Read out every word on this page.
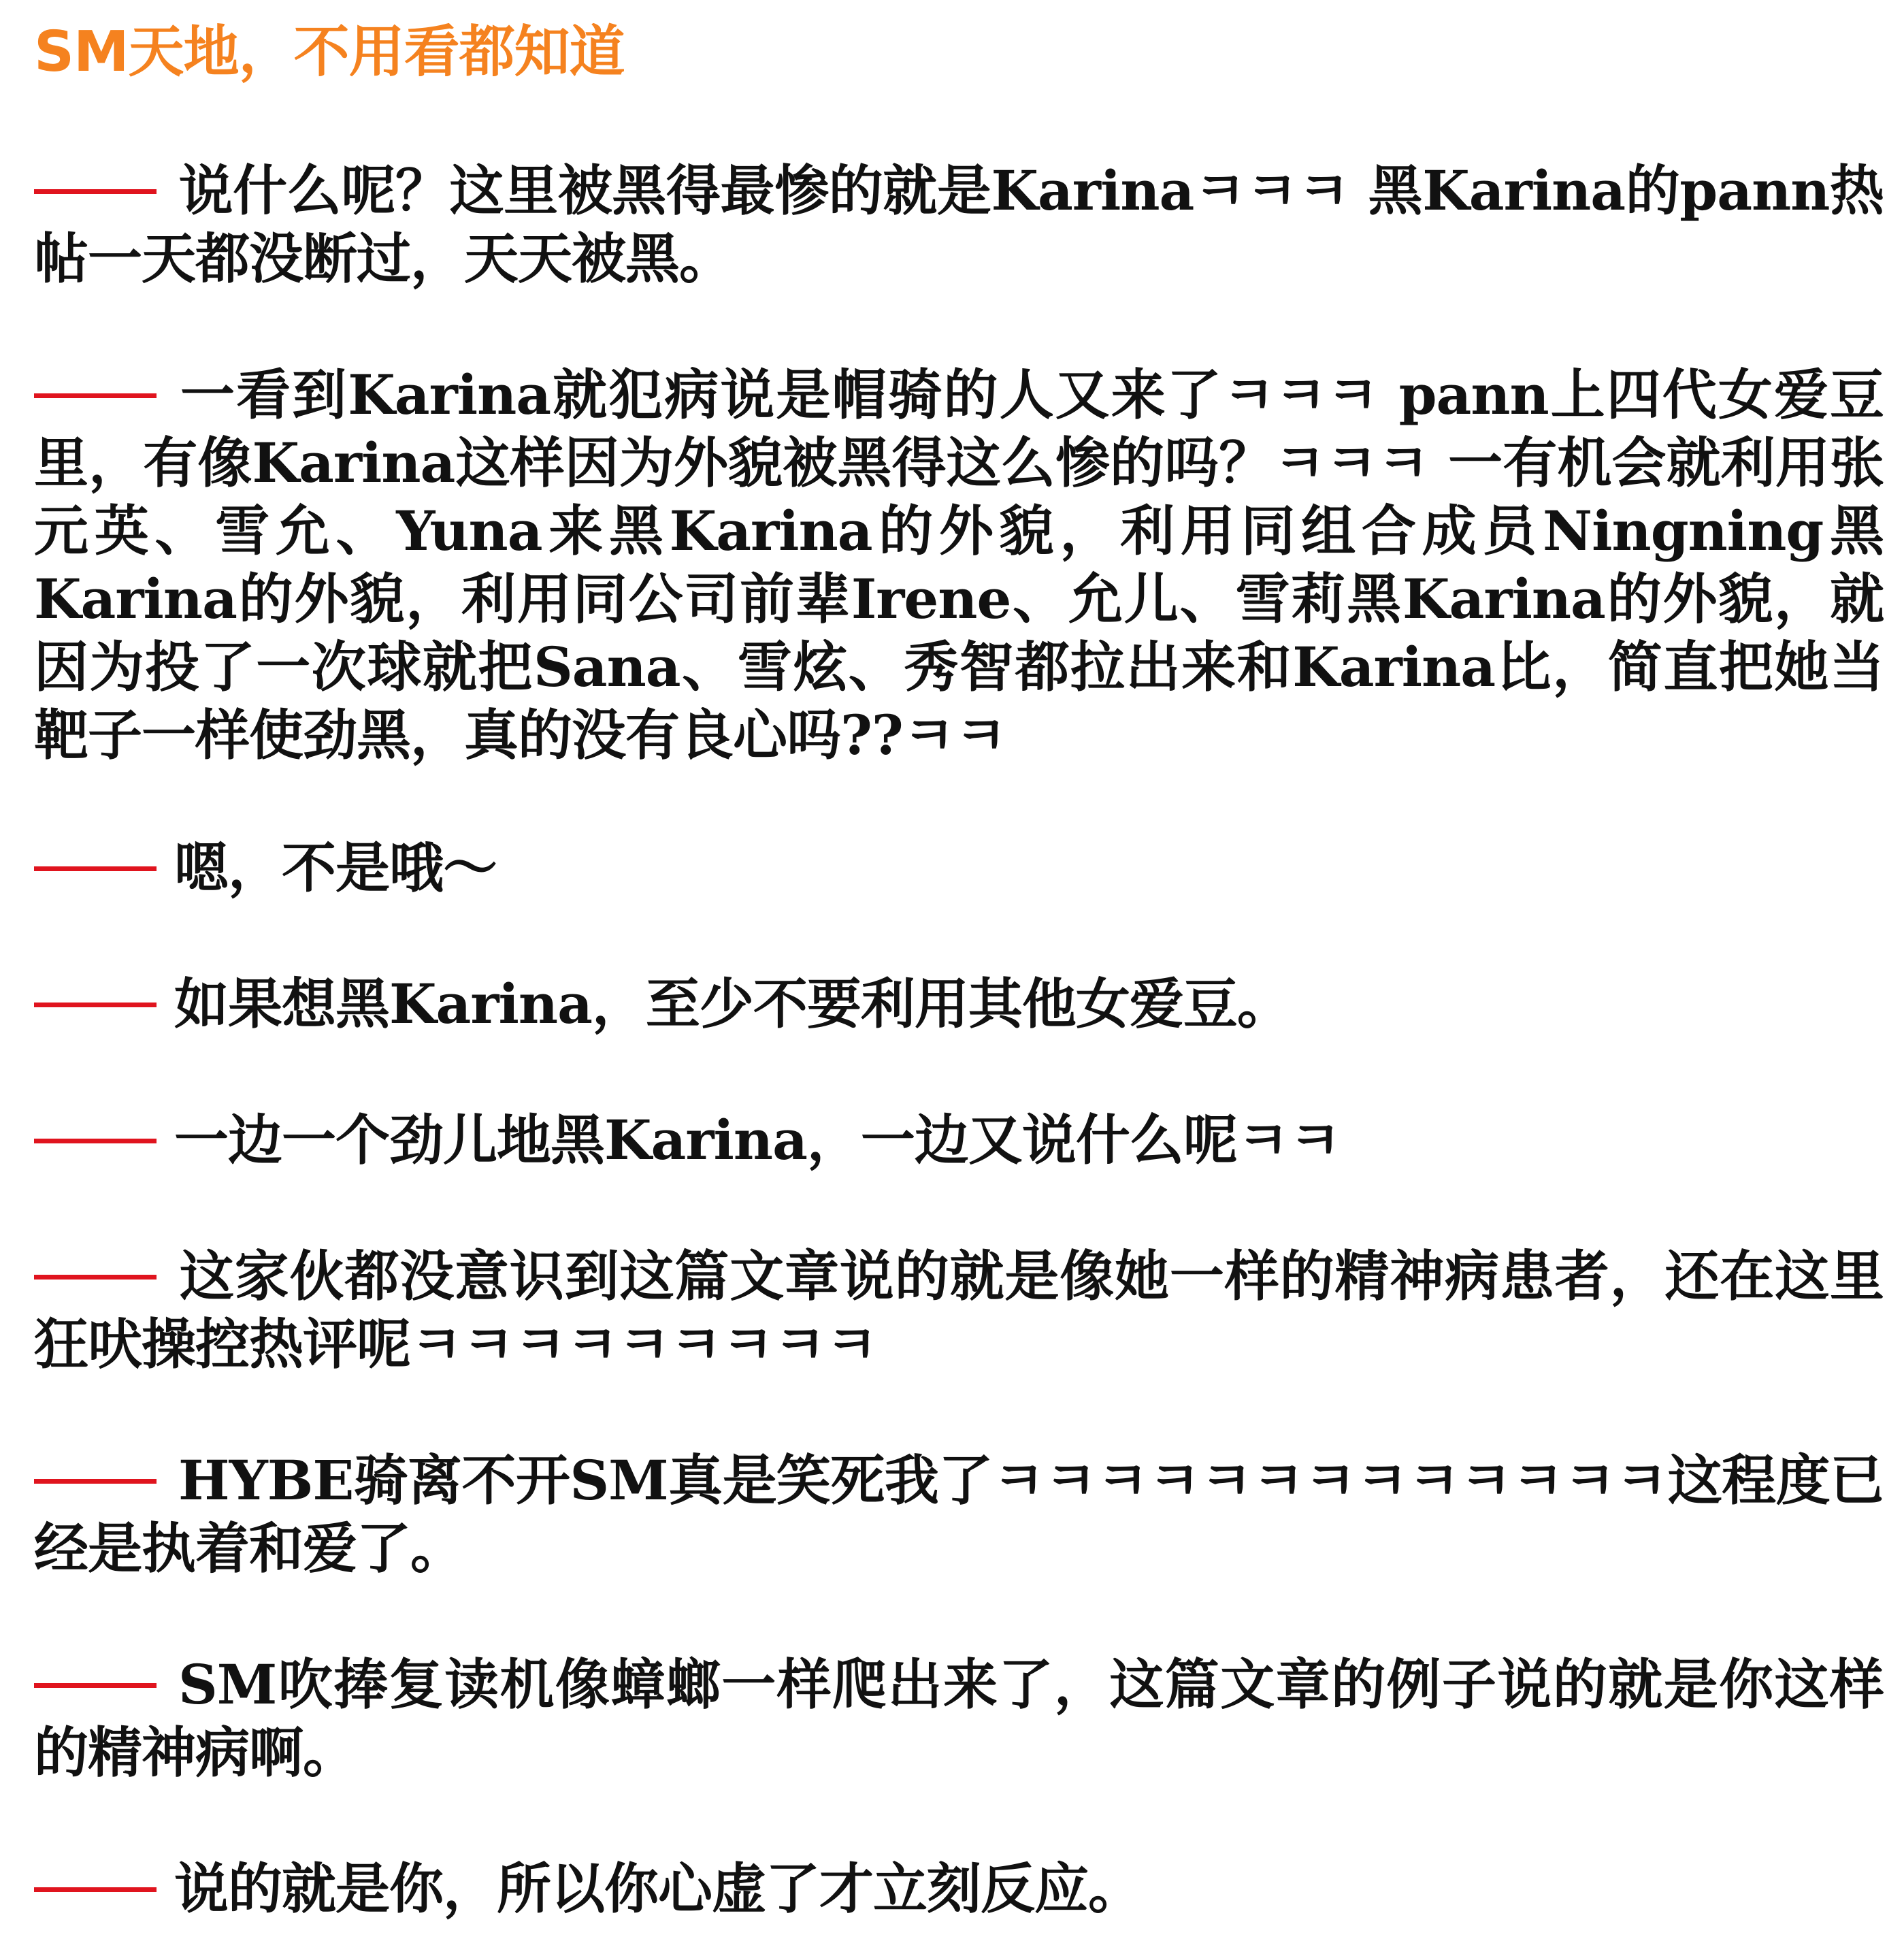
SM天地，不用看都知道
说什么呢？这里被黑得最惨的就是Karinaㅋㅋㅋ 黑Karina的pann热帖一天都没断过，天天被黑。
一看到Karina就犯病说是帽骑的人又来了ㅋㅋㅋ pann上四代女爱豆里，有像Karina这样因为外貌被黑得这么惨的吗？ㅋㅋㅋ 一有机会就利用张元英、雪允、Yuna来黑Karina的外貌，利用同组合成员Ningning黑Karina的外貌，利用同公司前辈Irene、允儿、雪莉黑Karina的外貌，就因为投了一次球就把Sana、雪炫、秀智都拉出来和Karina比，简直把她当靶子一样使劲黑，真的没有良心吗??ㅋㅋ
嗯，不是哦～
如果想黑Karina，至少不要利用其他女爱豆。
一边一个劲儿地黑Karina，一边又说什么呢ㅋㅋ
这家伙都没意识到这篇文章说的就是像她一样的精神病患者，还在这里狂吠操控热评呢ㅋㅋㅋㅋㅋㅋㅋㅋㅋ
HYBE骑离不开SM真是笑死我了ㅋㅋㅋㅋㅋㅋㅋㅋㅋㅋㅋㅋㅋ这程度已经是执着和爱了。
SM吹捧复读机像蟑螂一样爬出来了，这篇文章的例子说的就是你这样的精神病啊。
说的就是你，所以你心虚了才立刻反应。
